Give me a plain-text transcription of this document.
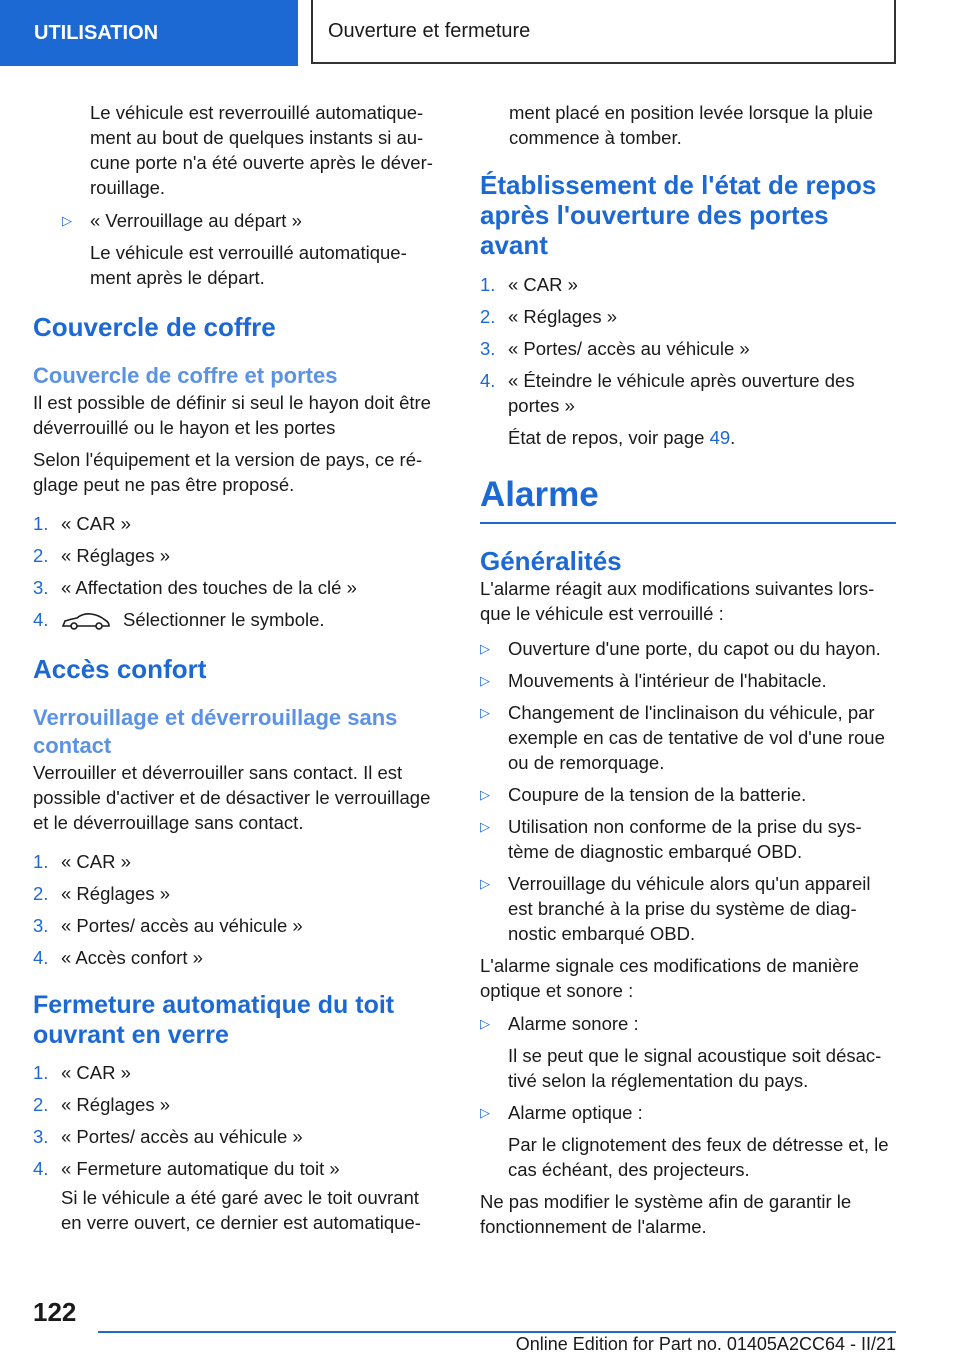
UTILISATION	Ouverture et fermeture

Le véhicule est reverrouillé automatique-ment au bout de quelques instants si au-cune porte n'a été ouverte après le déver-rouillage.

▷ « Verrouillage au départ »

Le véhicule est verrouillé automatique-ment après le départ.

Couvercle de coffre
Couvercle de coffre et portes

Il est possible de définir si seul le hayon doit être déverrouillé ou le hayon et les portes

Selon l'équipement et la version de pays, ce ré-glage peut ne pas être proposé.

1. « CAR »
2. « Réglages »
3. « Affectation des touches de la clé »
4.	Sélectionner le symbole.
Accès confort
Verrouillage et déverrouillage sans contact

Verrouiller et déverrouiller sans contact. Il est possible d'activer et de désactiver le verrouillage et le déverrouillage sans contact.

1. « CAR »
2. « Réglages »
3. « Portes/ accès au véhicule »
4. « Accès confort »
Fermeture automatique du toit ouvrant en verre
1. « CAR »
2. « Réglages »
3. « Portes/ accès au véhicule »
4. « Fermeture automatique du toit »

Si le véhicule a été garé avec le toit ouvrant en verre ouvert, ce dernier est automatique-

ment placé en position levée lorsque la pluie commence à tomber.

Établissement de l'état de repos après l'ouverture des portes avant
1. « CAR »
2. « Réglages »
3. « Portes/ accès au véhicule »
4. « Éteindre le véhicule après ouverture des portes »

État de repos, voir page 49.

Alarme
Généralités

L'alarme réagit aux modifications suivantes lors-que le véhicule est verrouillé :

▷ Ouverture d'une porte, du capot ou du hayon.
▷ Mouvements à l'intérieur de l'habitacle.
▷ Changement de l'inclinaison du véhicule, par exemple en cas de tentative de vol d'une roue ou de remorquage.
▷ Coupure de la tension de la batterie.
▷ Utilisation non conforme de la prise du sys-tème de diagnostic embarqué OBD.
▷ Verrouillage du véhicule alors qu'un appareil est branché à la prise du système de diag-nostic embarqué OBD.

L'alarme signale ces modifications de manière optique et sonore :

▷ Alarme sonore :

Il se peut que le signal acoustique soit désac-tivé selon la réglementation du pays.

▷ Alarme optique :

Par le clignotement des feux de détresse et, le cas échéant, des projecteurs.

Ne pas modifier le système afin de garantir le fonctionnement de l'alarme.

122
Online Edition for Part no. 01405A2CC64 - II/21
